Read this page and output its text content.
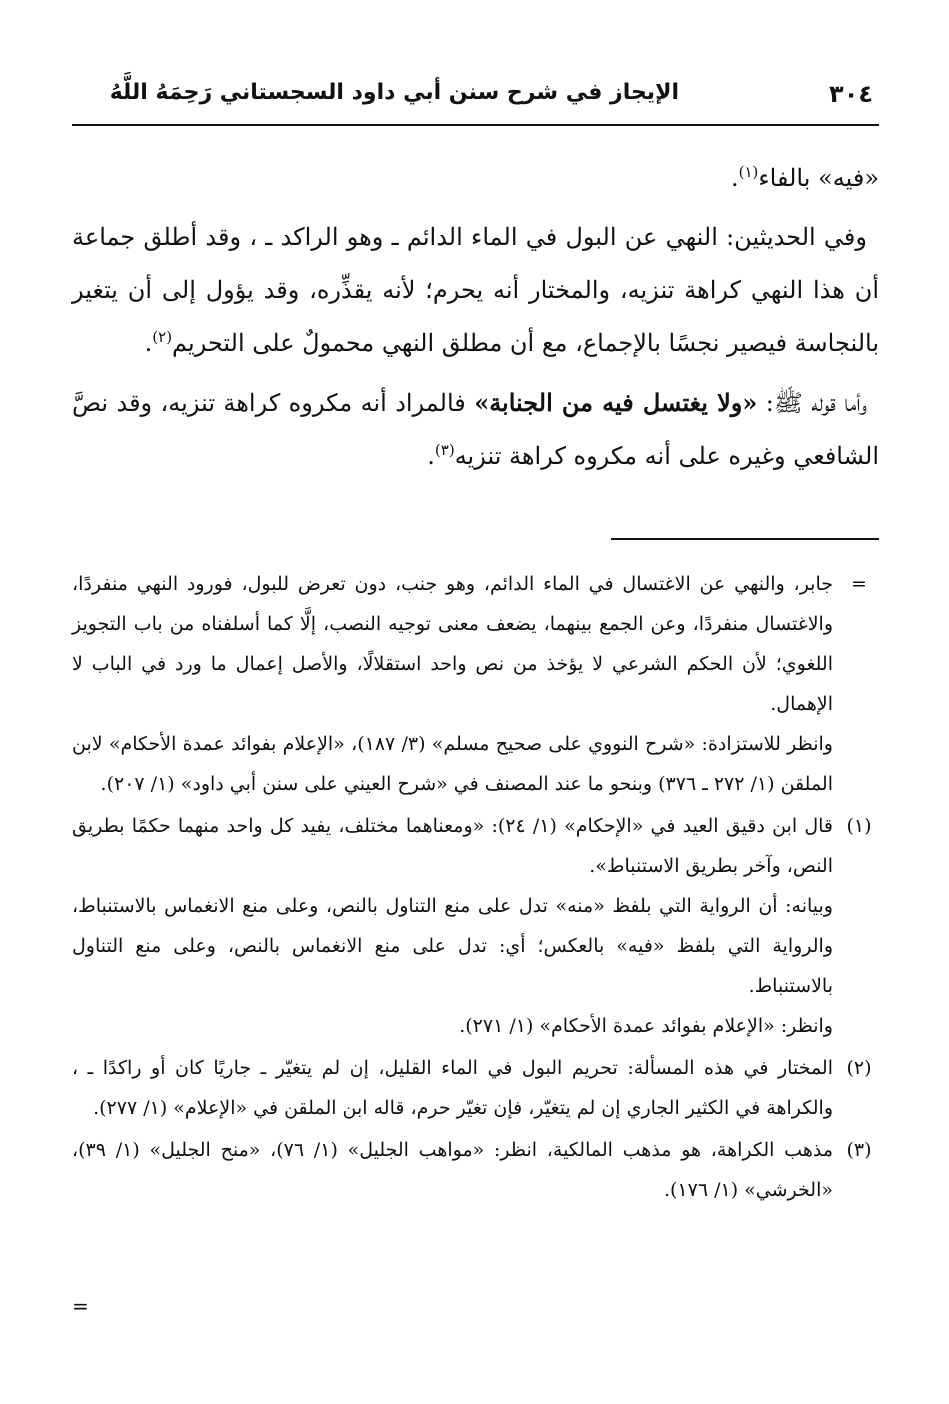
٣٠٤
الإيجاز في شرح سنن أبي داود السجستاني رَحِمَهُ اللَّهُ

«فيه» بالفاء$^{(١)}$.

وفي الحديثين: النهي عن البول في الماء الدائم ـ وهو الراكد ـ ، وقد أطلق جماعة أن هذا النهي كراهة تنزيه، والمختار أنه يحرم؛ لأنه يقذِّره، وقد يؤول إلى أن يتغير بالنجاسة فيصير نجسًا بالإجماع، مع أن مطلق النهي محمولٌ على التحريم$^{(٢)}$.

وأما قوله ﷺ: «ولا يغتسل فيه من الجنابة» فالمراد أنه مكروه كراهة تنزيه، وقد نصَّ الشافعي وغيره على أنه مكروه كراهة تنزيه$^{(٣)}$.

=
جابر، والنهي عن الاغتسال في الماء الدائم، وهو جنب، دون تعرض للبول، فورود النهي منفردًا، والاغتسال منفردًا، وعن الجمع بينهما، يضعف معنى توجيه النصب، إلَّا كما أسلفناه من باب التجويز اللغوي؛ لأن الحكم الشرعي لا يؤخذ من نص واحد استقلالًا، والأصل إعمال ما ورد في الباب لا الإهمال.
وانظر للاستزادة: «شرح النووي على صحيح مسلم» (٣/ ١٨٧)، «الإعلام بفوائد عمدة الأحكام» لابن الملقن (١/ ٢٧٢ ـ ٣٧٦) وبنحو ما عند المصنف في «شرح العيني على سنن أبي داود» (١/ ٢٠٧).
(١)
قال ابن دقيق العيد في «الإحكام» (١/ ٢٤): «ومعناهما مختلف، يفيد كل واحد منهما حكمًا بطريق النص، وآخر بطريق الاستنباط».
وبيانه: أن الرواية التي بلفظ «منه» تدل على منع التناول بالنص، وعلى منع الانغماس بالاستنباط، والرواية التي بلفظ «فيه» بالعكس؛ أي: تدل على منع الانغماس بالنص، وعلى منع التناول بالاستنباط.
وانظر: «الإعلام بفوائد عمدة الأحكام» (١/ ٢٧١).
(٢)
المختار في هذه المسألة: تحريم البول في الماء القليل، إن لم يتغيّر ـ جاريًا كان أو راكدًا ـ ، والكراهة في الكثير الجاري إن لم يتغيّر، فإن تغيّر حرم، قاله ابن الملقن في «الإعلام» (١/ ٢٧٧).
(٣)
مذهب الكراهة، هو مذهب المالكية، انظر: «مواهب الجليل» (١/ ٧٦)، «منح الجليل» (١/ ٣٩)، «الخرشي» (١/ ١٧٦).
=
